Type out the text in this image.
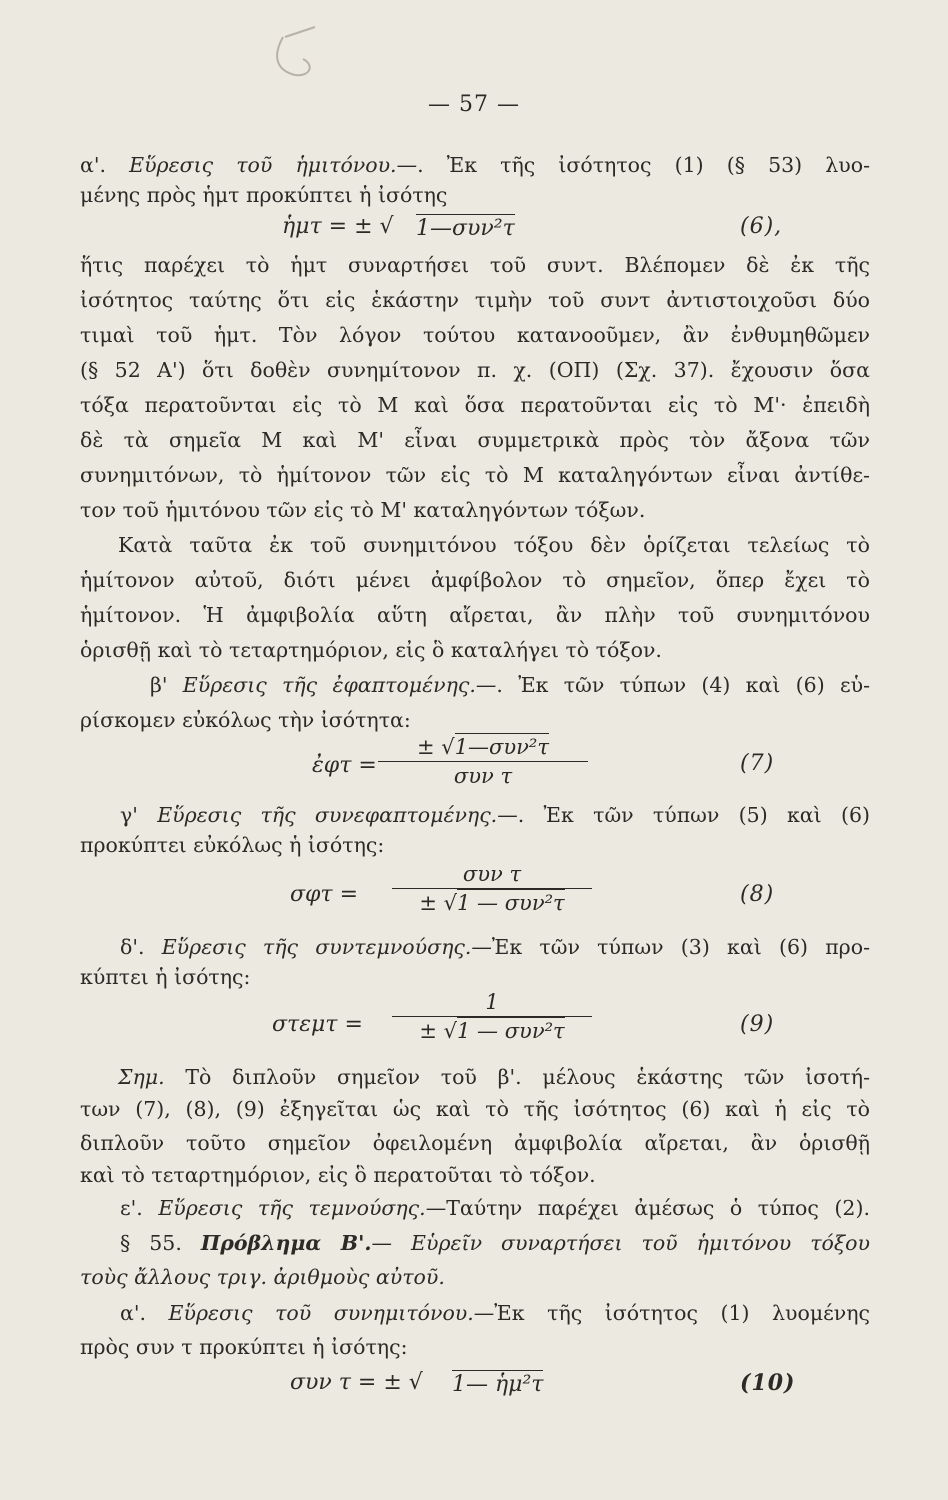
— 57 —
α'. Εὕρεσις τοῦ ἡμιτόνου.—. Ἐκ τῆς ἰσότητος (1) (§ 53) λυο-
μένης πρὸς ἡμτ προκύπτει ἡ ἰσότης
ἡμτ = ± √ 1—συν²τ	(6),
ἥτις παρέχει τὸ ἡμτ συναρτήσει τοῦ συντ. Βλέπομεν δὲ ἐκ τῆς
ἰσότητος ταύτης ὅτι εἰς ἑκάστην τιμὴν τοῦ συντ ἀντιστοιχοῦσι δύο
τιμαὶ τοῦ ἡμτ. Τὸν λόγον τούτου κατανοοῦμεν, ἂν ἐνθυμηθῶμεν
(§ 52 Α') ὅτι δοθὲν συνημίτονον π. χ. (ΟΠ) (Σχ. 37). ἔχουσιν ὅσα
τόξα περατοῦνται εἰς τὸ Μ καὶ ὅσα περατοῦνται εἰς τὸ Μ'· ἐπειδὴ
δὲ τὰ σημεῖα Μ καὶ Μ' εἶναι συμμετρικὰ πρὸς τὸν ἄξονα τῶν
συνημιτόνων, τὸ ἡμίτονον τῶν εἰς τὸ Μ καταληγόντων εἶναι ἀντίθε-
τον τοῦ ἡμιτόνου τῶν εἰς τὸ Μ' καταληγόντων τόξων.
Κατὰ ταῦτα ἐκ τοῦ συνημιτόνου τόξου δὲν ὁρίζεται τελείως τὸ
ἡμίτονον αὐτοῦ, διότι μένει ἀμφίβολον τὸ σημεῖον, ὅπερ ἔχει τὸ
ἡμίτονον. Ἡ ἀμφιβολία αὕτη αἴρεται, ἂν πλὴν τοῦ συνημιτόνου
ὁρισθῇ καὶ τὸ τεταρτημόριον, εἰς ὃ καταλήγει τὸ τόξον.
β' Εὕρεσις τῆς ἐφαπτομένης.—. Ἐκ τῶν τύπων (4) καὶ (6) εὑ-
ρίσκομεν εὐκόλως τὴν ἰσότητα:
ἐφτ =
± √1—συν²τ
συν τ	(7)
γ' Εὕρεσις τῆς συνεφαπτομένης.—. Ἐκ τῶν τύπων (5) καὶ (6)
προκύπτει εὐκόλως ἡ ἰσότης:
σφτ =
συν τ
± √1 — συν²τ	(8)
δ'. Εὕρεσις τῆς συντεμνούσης.—Ἐκ τῶν τύπων (3) καὶ (6) προ-
κύπτει ἡ ἰσότης:
στεμτ =
1
± √1 — συν²τ	(9)
Σημ. Τὸ διπλοῦν σημεῖον τοῦ β'. μέλους ἑκάστης τῶν ἰσοτή-
των (7), (8), (9) ἐξηγεῖται ὡς καὶ τὸ τῆς ἰσότητος (6) καὶ ἡ εἰς τὸ
διπλοῦν τοῦτο σημεῖον ὀφειλομένη ἀμφιβολία αἴρεται, ἂν ὁρισθῇ
καὶ τὸ τεταρτημόριον, εἰς ὃ περατοῦται τὸ τόξον.
ε'. Εὕρεσις τῆς τεμνούσης.—Ταύτην παρέχει ἀμέσως ὁ τύπος (2).
§ 55. Πρόβλημα Β'.— Εὑρεῖν συναρτήσει τοῦ ἡμιτόνου τόξου
τοὺς ἄλλους τριγ. ἀριθμοὺς αὐτοῦ.
α'. Εὕρεσις τοῦ συνημιτόνου.—Ἐκ τῆς ἰσότητος (1) λυομένης
πρὸς συν τ προκύπτει ἡ ἰσότης:
συν τ = ± √ 1— ἡμ²τ	(10)
